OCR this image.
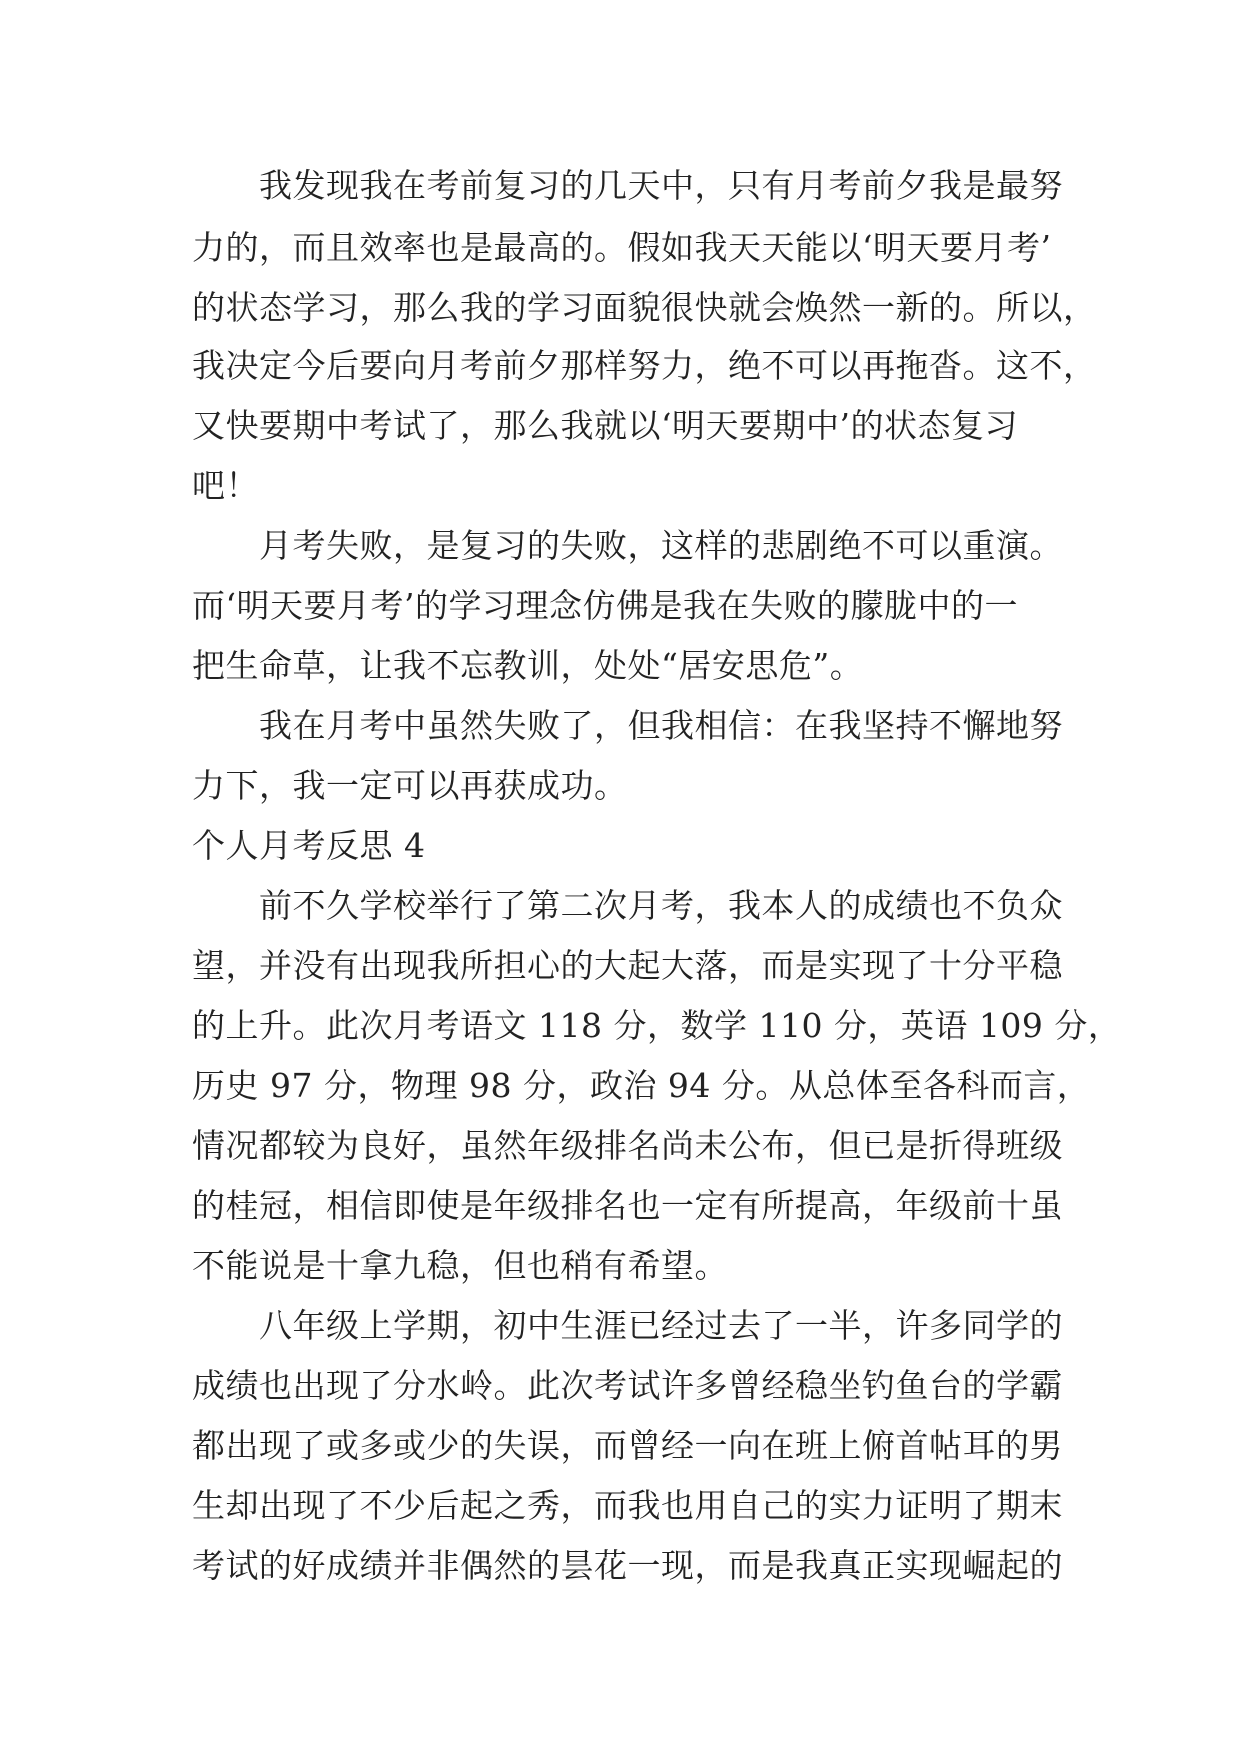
我发现我在考前复习的几天中，只有月考前夕我是最努
力的，而且效率也是最高的。假如我天天能以‘明天要月考’
的状态学习，那么我的学习面貌很快就会焕然一新的。所以，
我决定今后要向月考前夕那样努力，绝不可以再拖沓。这不，
又快要期中考试了，那么我就以‘明天要期中’的状态复习
吧！
月考失败，是复习的失败，这样的悲剧绝不可以重演。
而‘明天要月考’的学习理念仿佛是我在失败的朦胧中的一
把生命草，让我不忘教训，处处“居安思危”。
我在月考中虽然失败了，但我相信：在我坚持不懈地努
力下，我一定可以再获成功。
个人月考反思 4
前不久学校举行了第二次月考，我本人的成绩也不负众
望，并没有出现我所担心的大起大落，而是实现了十分平稳
的上升。此次月考语文 118 分，数学 110 分，英语 109 分，
历史 97 分，物理 98 分，政治 94 分。从总体至各科而言，
情况都较为良好，虽然年级排名尚未公布，但已是折得班级
的桂冠，相信即使是年级排名也一定有所提高，年级前十虽
不能说是十拿九稳，但也稍有希望。
八年级上学期，初中生涯已经过去了一半，许多同学的
成绩也出现了分水岭。此次考试许多曾经稳坐钓鱼台的学霸
都出现了或多或少的失误，而曾经一向在班上俯首帖耳的男
生却出现了不少后起之秀，而我也用自己的实力证明了期末
考试的好成绩并非偶然的昙花一现，而是我真正实现崛起的
